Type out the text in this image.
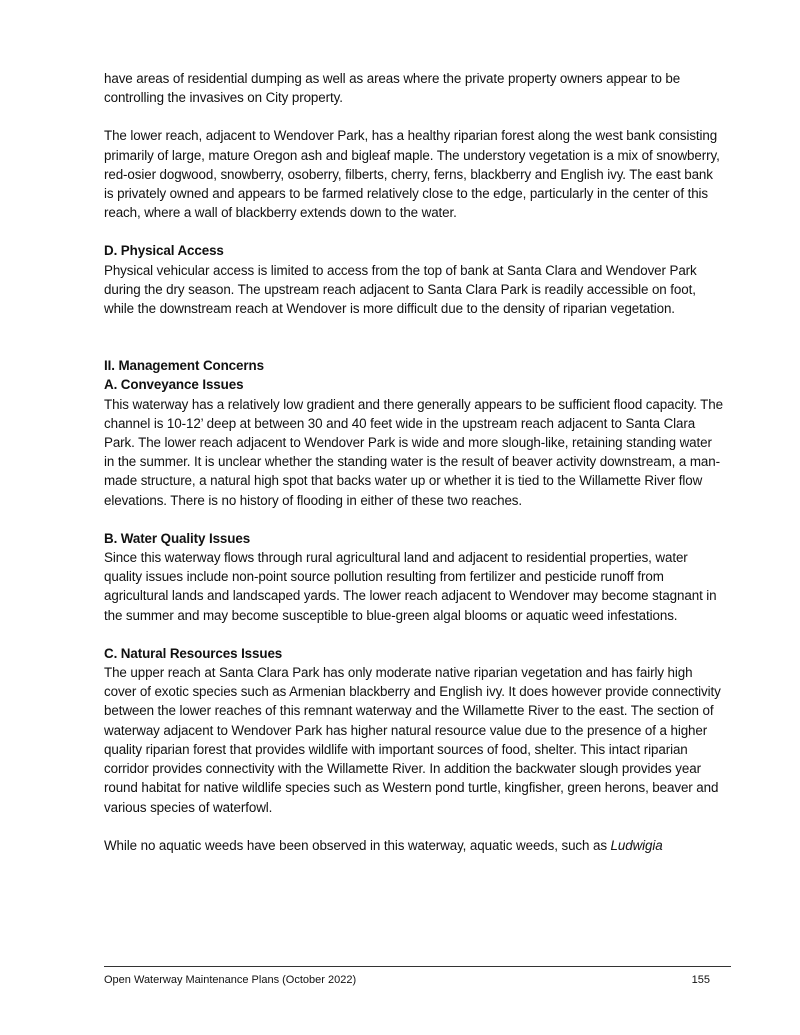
have areas of residential dumping as well as areas where the private property owners appear to be controlling the invasives on City property.

The lower reach, adjacent to Wendover Park, has a healthy riparian forest along the west bank consisting primarily of large, mature Oregon ash and bigleaf maple. The understory vegetation is a mix of snowberry, red-osier dogwood, snowberry, osoberry, filberts, cherry, ferns, blackberry and English ivy. The east bank is privately owned and appears to be farmed relatively close to the edge, particularly in the center of this reach, where a wall of blackberry extends down to the water.

D. Physical Access
Physical vehicular access is limited to access from the top of bank at Santa Clara and Wendover Park during the dry season. The upstream reach adjacent to Santa Clara Park is readily accessible on foot, while the downstream reach at Wendover is more difficult due to the density of riparian vegetation.

II. Management Concerns
A. Conveyance Issues
This waterway has a relatively low gradient and there generally appears to be sufficient flood capacity. The channel is 10-12’ deep at between 30 and 40 feet wide in the upstream reach adjacent to Santa Clara Park. The lower reach adjacent to Wendover Park is wide and more slough-like, retaining standing water in the summer. It is unclear whether the standing water is the result of beaver activity downstream, a man-made structure, a natural high spot that backs water up or whether it is tied to the Willamette River flow elevations. There is no history of flooding in either of these two reaches.

B. Water Quality Issues
Since this waterway flows through rural agricultural land and adjacent to residential properties, water quality issues include non-point source pollution resulting from fertilizer and pesticide runoff from agricultural lands and landscaped yards. The lower reach adjacent to Wendover may become stagnant in the summer and may become susceptible to blue-green algal blooms or aquatic weed infestations.

C. Natural Resources Issues
The upper reach at Santa Clara Park has only moderate native riparian vegetation and has fairly high cover of exotic species such as Armenian blackberry and English ivy. It does however provide connectivity between the lower reaches of this remnant waterway and the Willamette River to the east. The section of waterway adjacent to Wendover Park has higher natural resource value due to the presence of a higher quality riparian forest that provides wildlife with important sources of food, shelter. This intact riparian corridor provides connectivity with the Willamette River. In addition the backwater slough provides year round habitat for native wildlife species such as Western pond turtle, kingfisher, green herons, beaver and various species of waterfowl.

While no aquatic weeds have been observed in this waterway, aquatic weeds, such as Ludwigia

Open Waterway Maintenance Plans (October 2022)	155
